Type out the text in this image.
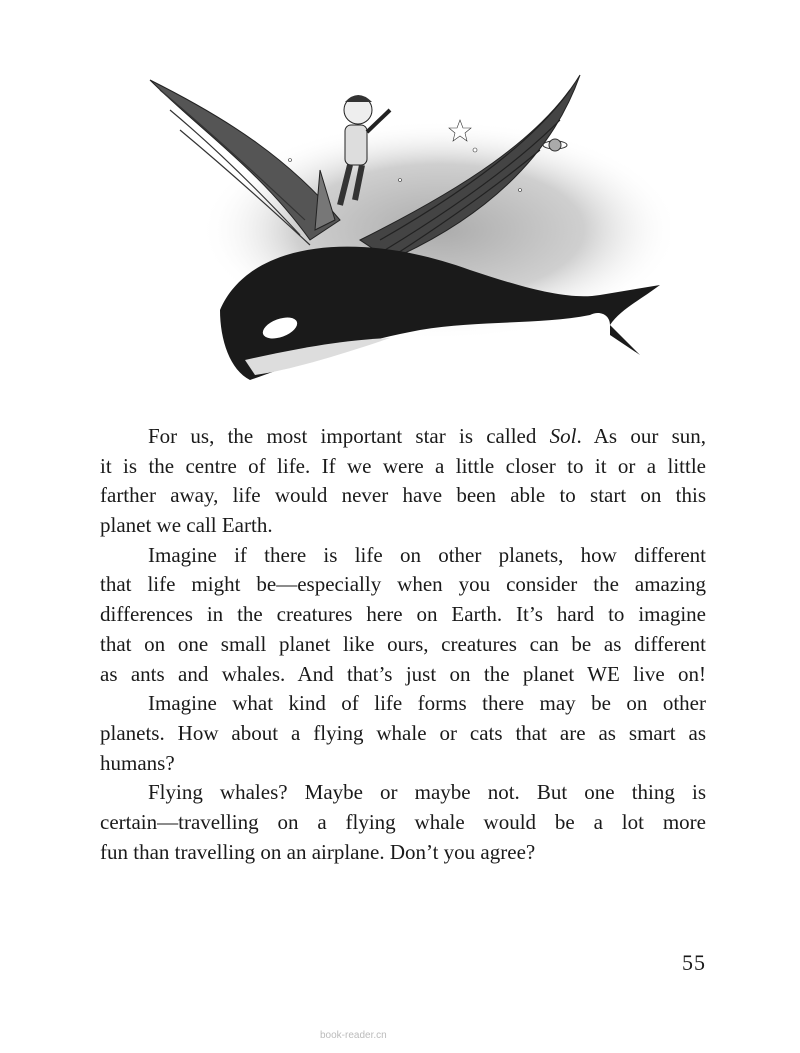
For us, the most important star is called Sol. As our sun,
it is the centre of life. If we were a little closer to it or a little
farther away, life would never have been able to start on this
planet we call Earth.
Imagine if there is life on other planets, how different
that life might be—especially when you consider the amazing
differences in the creatures here on Earth. It’s hard to imagine
that on one small planet like ours, creatures can be as different
as ants and whales. And that’s just on the planet WE live on!
Imagine what kind of life forms there may be on other
planets. How about a flying whale or cats that are as smart as
humans?
Flying whales? Maybe or maybe not. But one thing is
certain—travelling on a flying whale would be a lot more
fun than travelling on an airplane. Don’t you agree?
55
book-reader.cn
